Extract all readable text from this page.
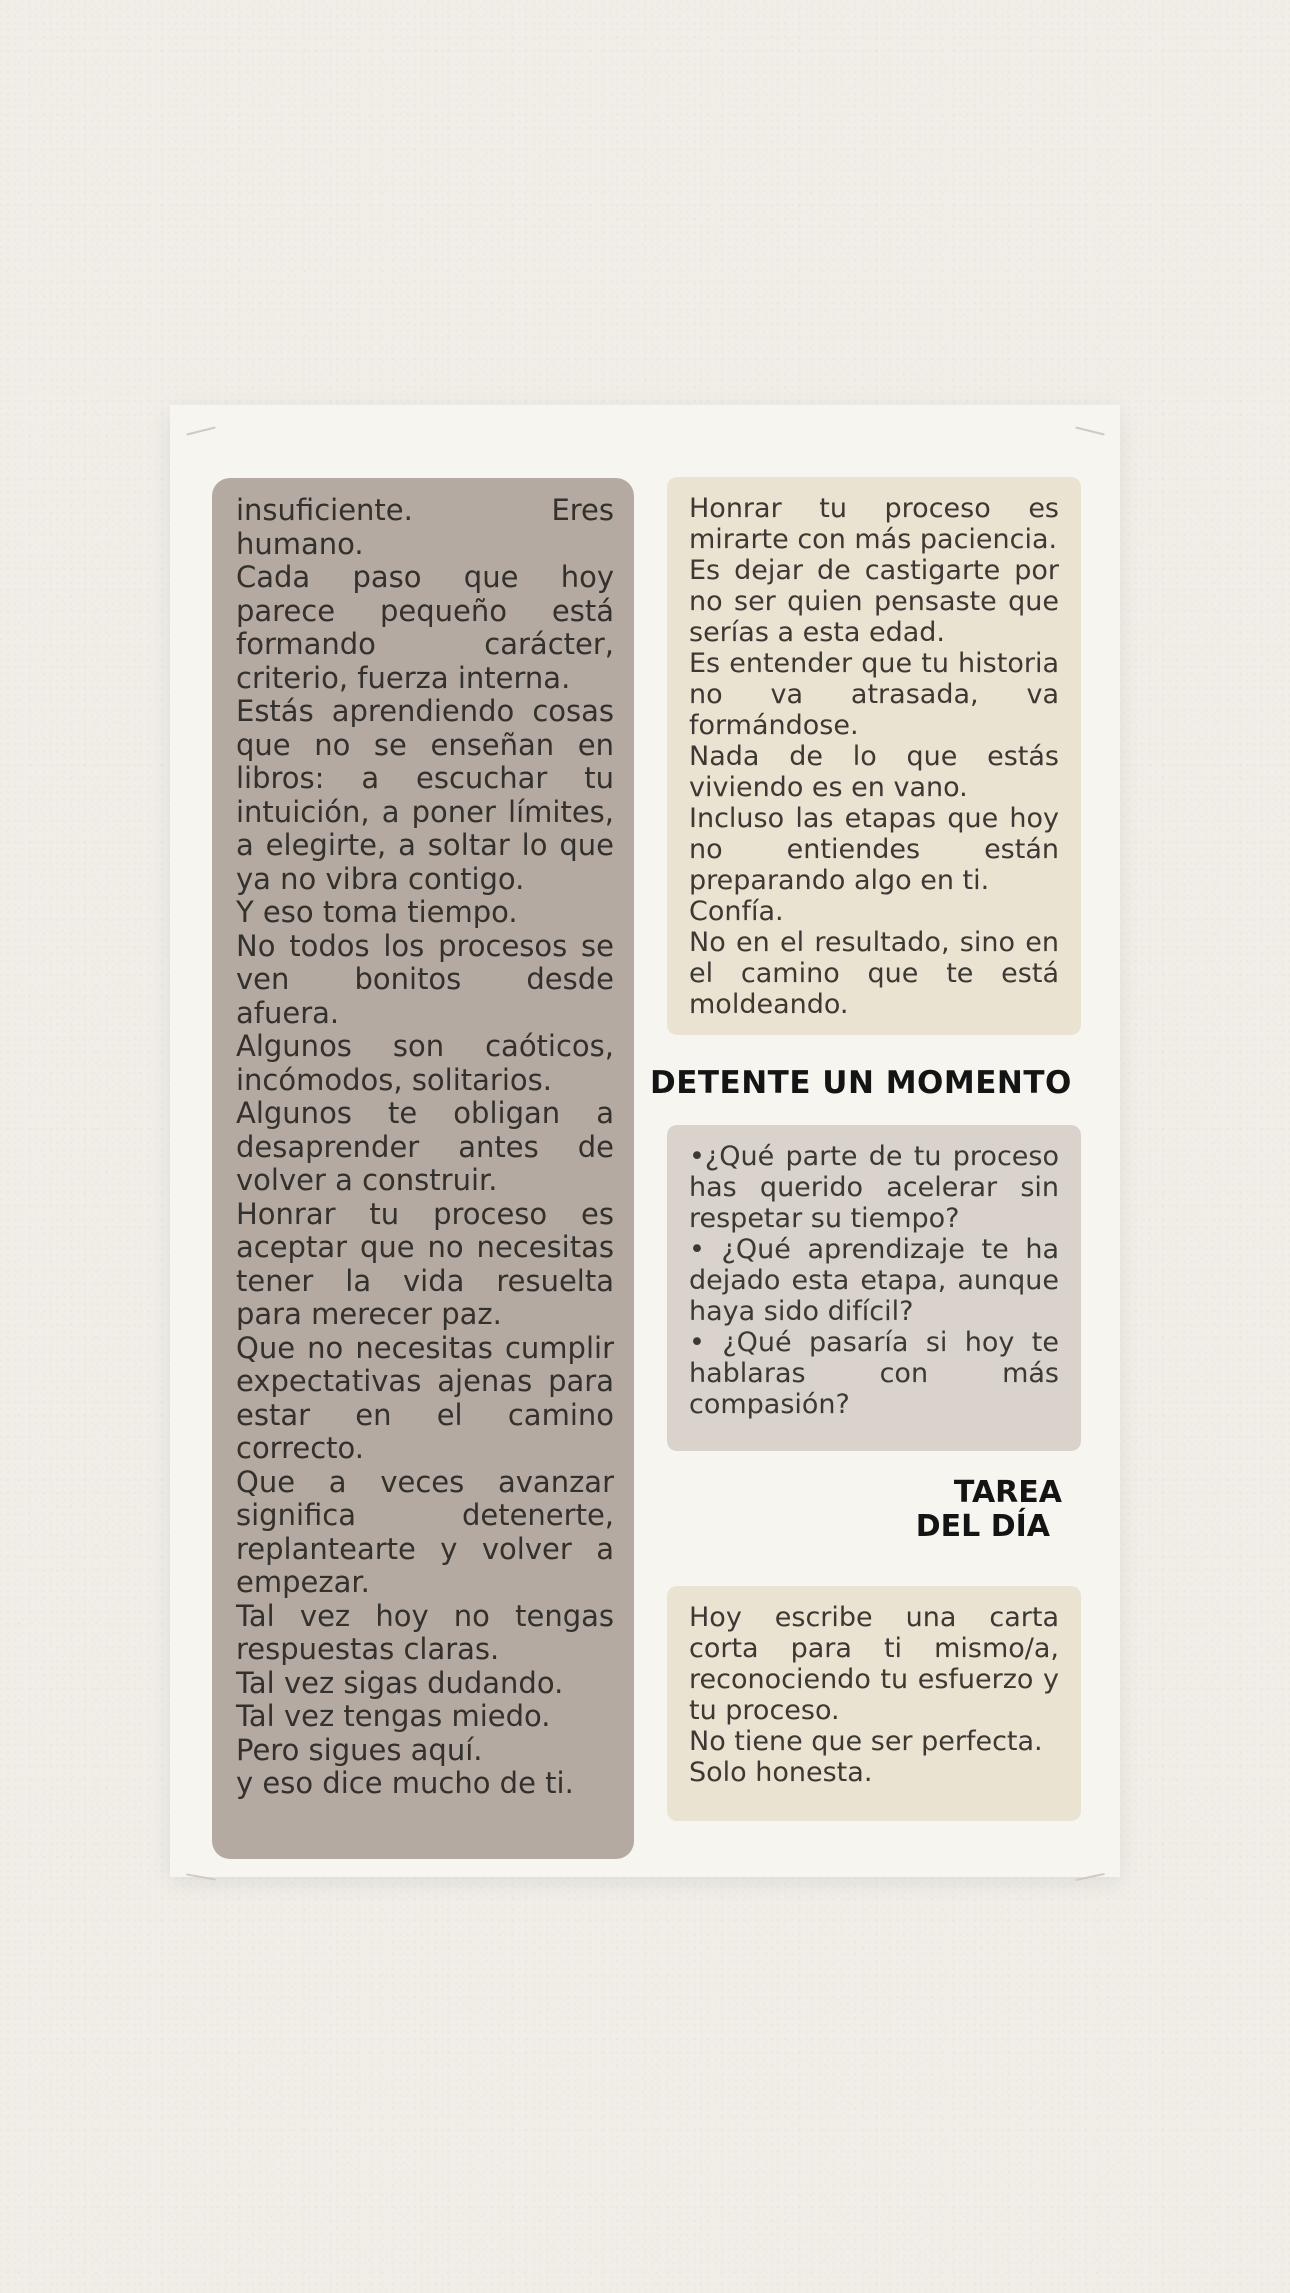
insuficiente. Eres humano.

Cada paso que hoy parece pequeño está formando carácter, criterio, fuerza interna.

Estás aprendiendo cosas que no se enseñan en libros: a escuchar tu intuición, a poner límites, a elegirte, a soltar lo que ya no vibra contigo.

Y eso toma tiempo.

No todos los procesos se ven bonitos desde afuera.

Algunos son caóticos, incómodos, solitarios.

Algunos te obligan a desaprender antes de volver a construir.

Honrar tu proceso es aceptar que no necesitas tener la vida resuelta para merecer paz.

Que no necesitas cumplir expectativas ajenas para estar en el camino correcto.

Que a veces avanzar significa detenerte, replantearte y volver a empezar.

Tal vez hoy no tengas respuestas claras.

Tal vez sigas dudando.

Tal vez tengas miedo.

Pero sigues aquí.

y eso dice mucho de ti.

Honrar tu proceso es mirarte con más paciencia.

Es dejar de castigarte por no ser quien pensaste que serías a esta edad.

Es entender que tu historia no va atrasada, va formándose.

Nada de lo que estás viviendo es en vano.

Incluso las etapas que hoy no entiendes están preparando algo en ti.

Confía.

No en el resultado, sino en el camino que te está moldeando.

DETENTE UN MOMENTO

•¿Qué parte de tu proceso has querido acelerar sin respetar su tiempo?

• ¿Qué aprendizaje te ha dejado esta etapa, aunque haya sido difícil?

• ¿Qué pasaría si hoy te hablaras con más compasión?

TAREA
DEL DÍA

Hoy escribe una carta corta para ti mismo/a, reconociendo tu esfuerzo y tu proceso.

No tiene que ser perfecta.

Solo honesta.
